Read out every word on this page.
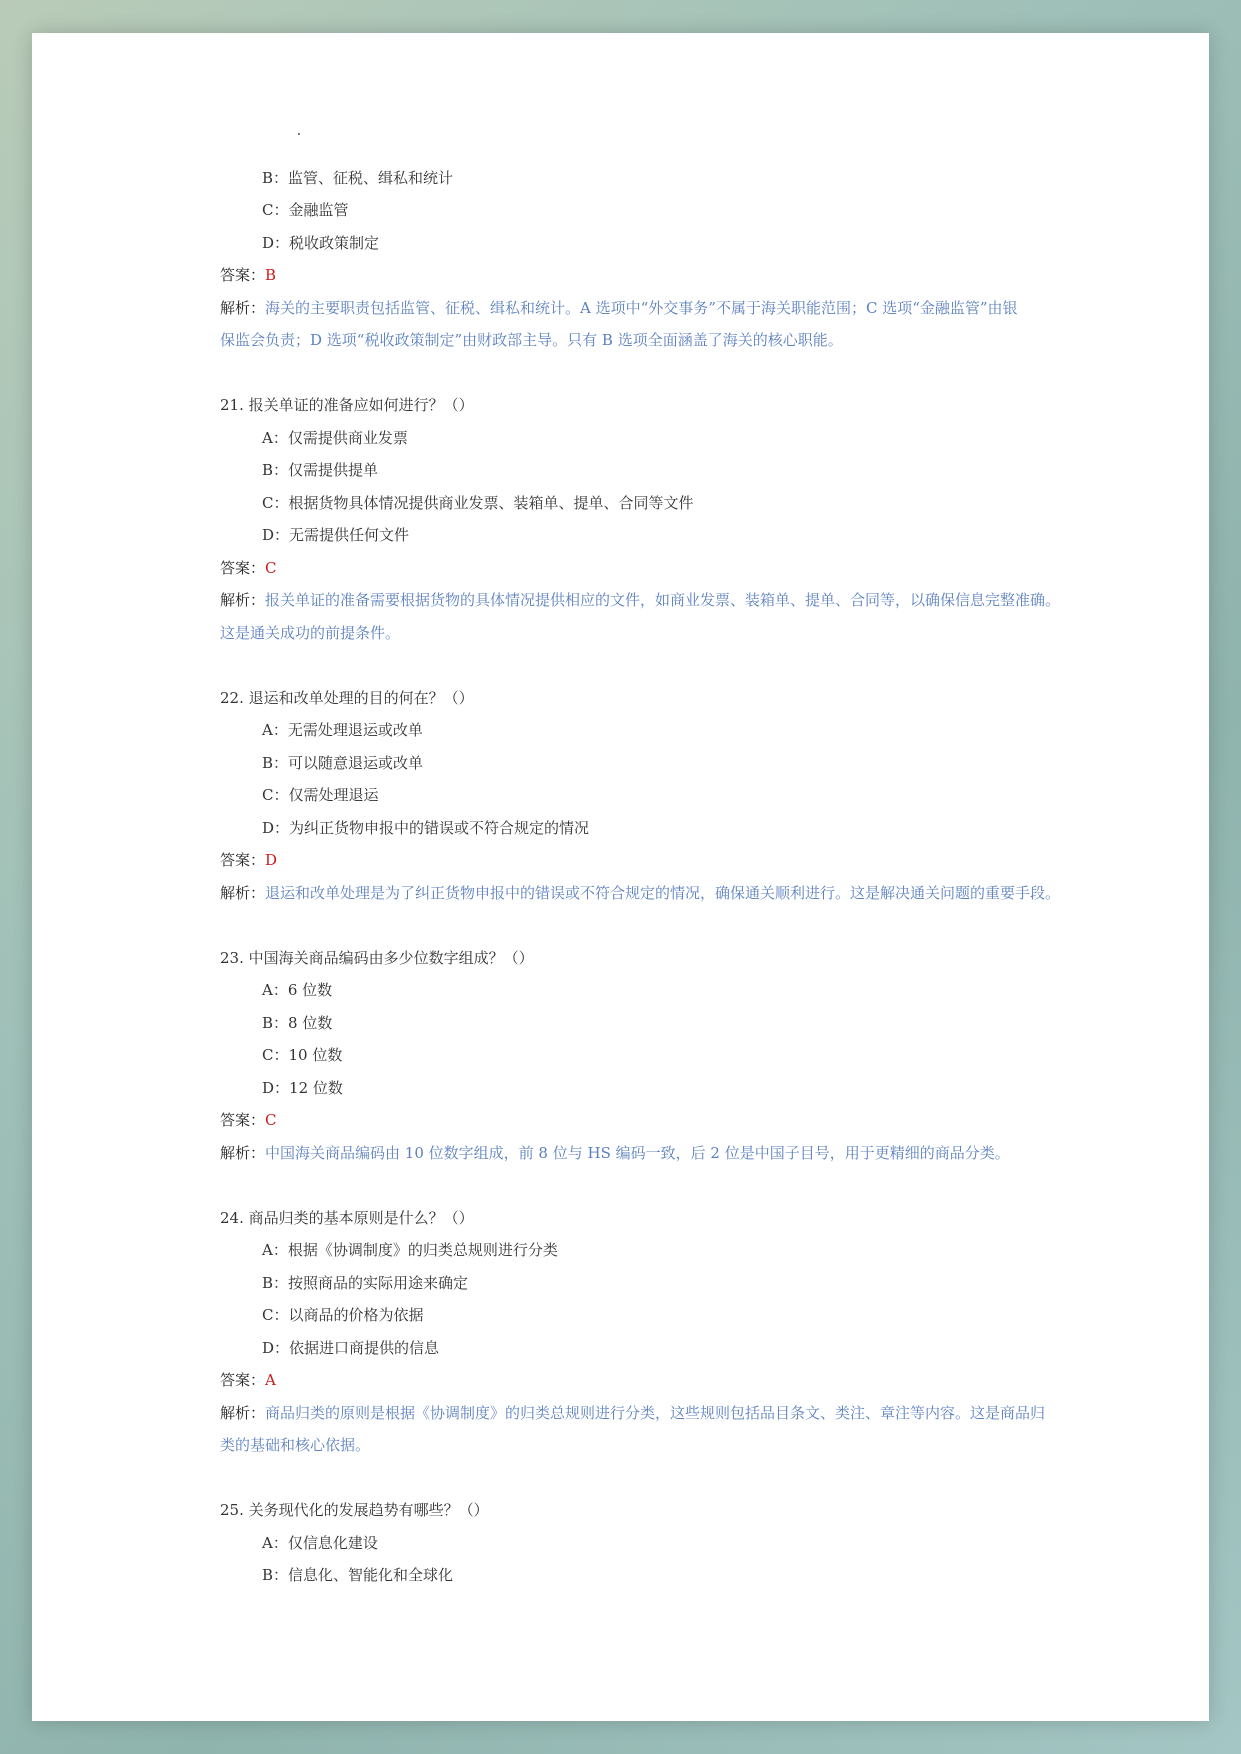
B：监管、征税、缉私和统计
C：金融监管
D：税收政策制定
答案：B
解析：海关的主要职责包括监管、征税、缉私和统计。A 选项中“外交事务”不属于海关职能范围；C 选项“金融监管”由银
保监会负责；D 选项“税收政策制定”由财政部主导。只有 B 选项全面涵盖了海关的核心职能。
21. 报关单证的准备应如何进行？（）
A：仅需提供商业发票
B：仅需提供提单
C：根据货物具体情况提供商业发票、装箱单、提单、合同等文件
D：无需提供任何文件
答案：C
解析：报关单证的准备需要根据货物的具体情况提供相应的文件，如商业发票、装箱单、提单、合同等，以确保信息完整准确。
这是通关成功的前提条件。
22. 退运和改单处理的目的何在？（）
A：无需处理退运或改单
B：可以随意退运或改单
C：仅需处理退运
D：为纠正货物申报中的错误或不符合规定的情况
答案：D
解析：退运和改单处理是为了纠正货物申报中的错误或不符合规定的情况，确保通关顺利进行。这是解决通关问题的重要手段。
23. 中国海关商品编码由多少位数字组成？（）
A：6 位数
B：8 位数
C：10 位数
D：12 位数
答案：C
解析：中国海关商品编码由 10 位数字组成，前 8 位与 HS 编码一致，后 2 位是中国子目号，用于更精细的商品分类。
24. 商品归类的基本原则是什么？（）
A：根据《协调制度》的归类总规则进行分类
B：按照商品的实际用途来确定
C：以商品的价格为依据
D：依据进口商提供的信息
答案：A
解析：商品归类的原则是根据《协调制度》的归类总规则进行分类，这些规则包括品目条文、类注、章注等内容。这是商品归
类的基础和核心依据。
25. 关务现代化的发展趋势有哪些？（）
A：仅信息化建设
B：信息化、智能化和全球化
